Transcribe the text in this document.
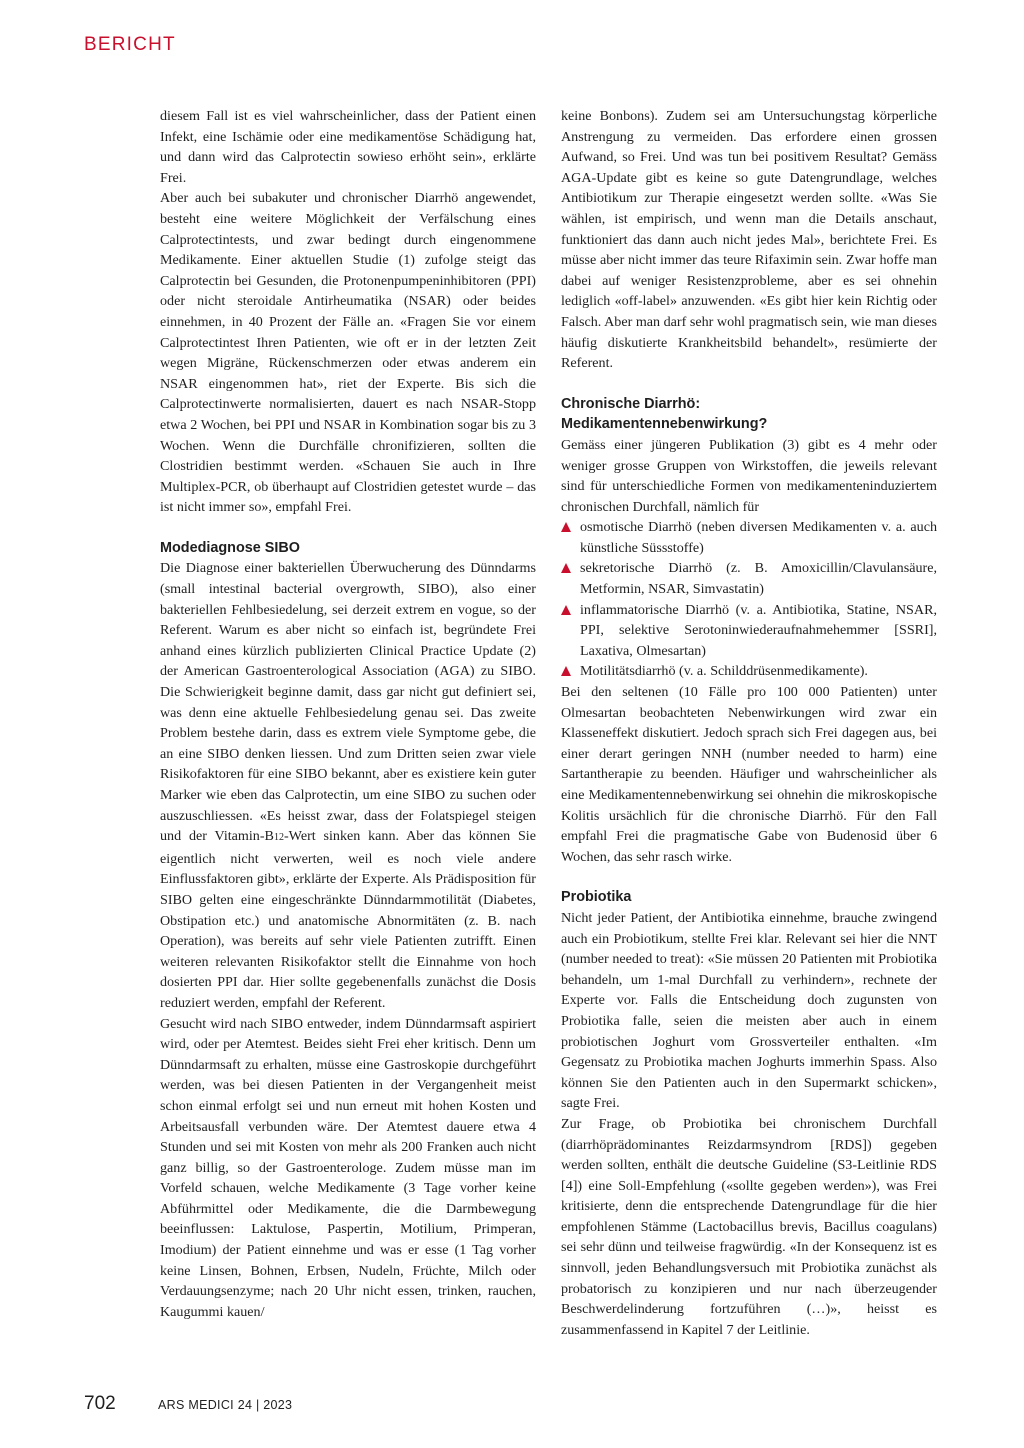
BERICHT

diesem Fall ist es viel wahrscheinlicher, dass der Patient einen Infekt, eine Ischämie oder eine medikamentöse Schädigung hat, und dann wird das Calprotectin sowieso erhöht sein», erklärte Frei.

Aber auch bei subakuter und chronischer Diarrhö angewendet, besteht eine weitere Möglichkeit der Verfälschung eines Calprotectintests, und zwar bedingt durch eingenommene Medikamente. Einer aktuellen Studie (1) zufolge steigt das Calprotectin bei Gesunden, die Protonenpumpeninhibitoren (PPI) oder nicht steroidale Antirheumatika (NSAR) oder beides einnehmen, in 40 Prozent der Fälle an. «Fragen Sie vor einem Calprotectintest Ihren Patienten, wie oft er in der letzten Zeit wegen Migräne, Rückenschmerzen oder etwas anderem ein NSAR eingenommen hat», riet der Experte. Bis sich die Calprotectinwerte normalisierten, dauert es nach NSAR-Stopp etwa 2 Wochen, bei PPI und NSAR in Kombination sogar bis zu 3 Wochen. Wenn die Durchfälle chronifizieren, sollten die Clostridien bestimmt werden. «Schauen Sie auch in Ihre Multiplex-PCR, ob überhaupt auf Clostridien getestet wurde – das ist nicht immer so», empfahl Frei.

Modediagnose SIBO

Die Diagnose einer bakteriellen Überwucherung des Dünndarms (small intestinal bacterial overgrowth, SIBO), also einer bakteriellen Fehlbesiedelung, sei derzeit extrem en vogue, so der Referent. Warum es aber nicht so einfach ist, begründete Frei anhand eines kürzlich publizierten Clinical Practice Update (2) der American Gastroenterological Association (AGA) zu SIBO. Die Schwierigkeit beginne damit, dass gar nicht gut definiert sei, was denn eine aktuelle Fehlbesiedelung genau sei. Das zweite Problem bestehe darin, dass es extrem viele Symptome gebe, die an eine SIBO denken liessen. Und zum Dritten seien zwar viele Risikofaktoren für eine SIBO bekannt, aber es existiere kein guter Marker wie eben das Calprotectin, um eine SIBO zu suchen oder auszuschliessen. «Es heisst zwar, dass der Folatspiegel steigen und der Vitamin-B12-Wert sinken kann. Aber das können Sie eigentlich nicht verwerten, weil es noch viele andere Einflussfaktoren gibt», erklärte der Experte. Als Prädisposition für SIBO gelten eine eingeschränkte Dünndarmmotilität (Diabetes, Obstipation etc.) und anatomische Abnormitäten (z. B. nach Operation), was bereits auf sehr viele Patienten zutrifft. Einen weiteren relevanten Risikofaktor stellt die Einnahme von hoch dosierten PPI dar. Hier sollte gegebenenfalls zunächst die Dosis reduziert werden, empfahl der Referent.

Gesucht wird nach SIBO entweder, indem Dünndarmsaft aspiriert wird, oder per Atemtest. Beides sieht Frei eher kritisch. Denn um Dünndarmsaft zu erhalten, müsse eine Gastroskopie durchgeführt werden, was bei diesen Patienten in der Vergangenheit meist schon einmal erfolgt sei und nun erneut mit hohen Kosten und Arbeitsausfall verbunden wäre. Der Atemtest dauere etwa 4 Stunden und sei mit Kosten von mehr als 200 Franken auch nicht ganz billig, so der Gastroenterologe. Zudem müsse man im Vorfeld schauen, welche Medikamente (3 Tage vorher keine Abführmittel oder Medikamente, die die Darmbewegung beeinflussen: Laktulose, Paspertin, Motilium, Primperan, Imodium) der Patient einnehme und was er esse (1 Tag vorher keine Linsen, Bohnen, Erbsen, Nudeln, Früchte, Milch oder Verdauungsenzyme; nach 20 Uhr nicht essen, trinken, rauchen, Kaugummi kauen/

keine Bonbons). Zudem sei am Untersuchungstag körperliche Anstrengung zu vermeiden. Das erfordere einen grossen Aufwand, so Frei. Und was tun bei positivem Resultat? Gemäss AGA-Update gibt es keine so gute Datengrundlage, welches Antibiotikum zur Therapie eingesetzt werden sollte. «Was Sie wählen, ist empirisch, und wenn man die Details anschaut, funktioniert das dann auch nicht jedes Mal», berichtete Frei. Es müsse aber nicht immer das teure Rifaximin sein. Zwar hoffe man dabei auf weniger Resistenzprobleme, aber es sei ohnehin lediglich «off-label» anzuwenden. «Es gibt hier kein Richtig oder Falsch. Aber man darf sehr wohl pragmatisch sein, wie man dieses häufig diskutierte Krankheitsbild behandelt», resümierte der Referent.

Chronische Diarrhö:
Medikamentennebenwirkung?

Gemäss einer jüngeren Publikation (3) gibt es 4 mehr oder weniger grosse Gruppen von Wirkstoffen, die jeweils relevant sind für unterschiedliche Formen von medikamenteninduziertem chronischen Durchfall, nämlich für

osmotische Diarrhö (neben diversen Medikamenten v. a. auch künstliche Süssstoffe)
sekretorische Diarrhö (z. B. Amoxicillin/Clavulansäure, Metformin, NSAR, Simvastatin)
inflammatorische Diarrhö (v. a. Antibiotika, Statine, NSAR, PPI, selektive Serotoninwiederaufnahmehemmer [SSRI], Laxativa, Olmesartan)
Motilitätsdiarrhö (v. a. Schilddrüsenmedikamente).

Bei den seltenen (10 Fälle pro 100 000 Patienten) unter Olmesartan beobachteten Nebenwirkungen wird zwar ein Klasseneffekt diskutiert. Jedoch sprach sich Frei dagegen aus, bei einer derart geringen NNH (number needed to harm) eine Sartantherapie zu beenden. Häufiger und wahrscheinlicher als eine Medikamentennebenwirkung sei ohnehin die mikroskopische Kolitis ursächlich für die chronische Diarrhö. Für den Fall empfahl Frei die pragmatische Gabe von Budenosid über 6 Wochen, das sehr rasch wirke.

Probiotika

Nicht jeder Patient, der Antibiotika einnehme, brauche zwingend auch ein Probiotikum, stellte Frei klar. Relevant sei hier die NNT (number needed to treat): «Sie müssen 20 Patienten mit Probiotika behandeln, um 1-mal Durchfall zu verhindern», rechnete der Experte vor. Falls die Entscheidung doch zugunsten von Probiotika falle, seien die meisten aber auch in einem probiotischen Joghurt vom Grossverteiler enthalten. «Im Gegensatz zu Probiotika machen Joghurts immerhin Spass. Also können Sie den Patienten auch in den Supermarkt schicken», sagte Frei.

Zur Frage, ob Probiotika bei chronischem Durchfall (diarrhöprädominantes Reizdarmsyndrom [RDS]) gegeben werden sollten, enthält die deutsche Guideline (S3-Leitlinie RDS [4]) eine Soll-Empfehlung («sollte gegeben werden»), was Frei kritisierte, denn die entsprechende Datengrundlage für die hier empfohlenen Stämme (Lactobacillus brevis, Bacillus coagulans) sei sehr dünn und teilweise fragwürdig. «In der Konsequenz ist es sinnvoll, jeden Behandlungsversuch mit Probiotika zunächst als probatorisch zu konzipieren und nur nach überzeugender Beschwerdelinderung fortzuführen (…)», heisst es zusammenfassend in Kapitel 7 der Leitlinie.

702	ARS MEDICI 24 | 2023
